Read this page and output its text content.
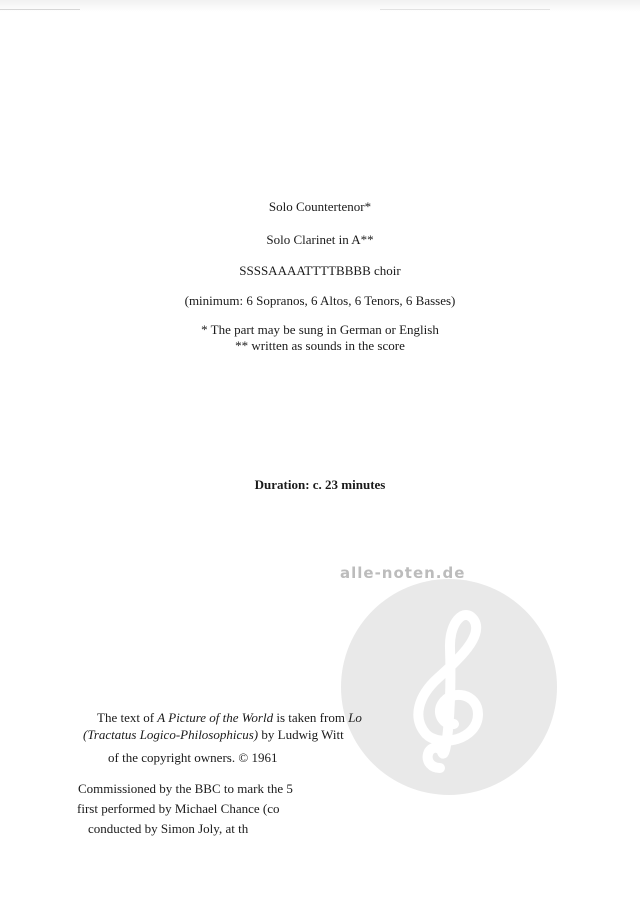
Solo Countertenor*
Solo Clarinet in A**
SSSSAAAATTTTBBBB choir
(minimum: 6 Sopranos, 6 Altos, 6 Tenors, 6 Basses)
* The part may be sung in German or English
** written as sounds in the score
Duration: c. 23 minutes
alle-noten.de
The text of A Picture of the World is taken from Lo
(Tractatus Logico-Philosophicus) by Ludwig Witt
of the copyright owners. © 1961
Commissioned by the BBC to mark the 5
first performed by Michael Chance (co
conducted by Simon Joly, at th
